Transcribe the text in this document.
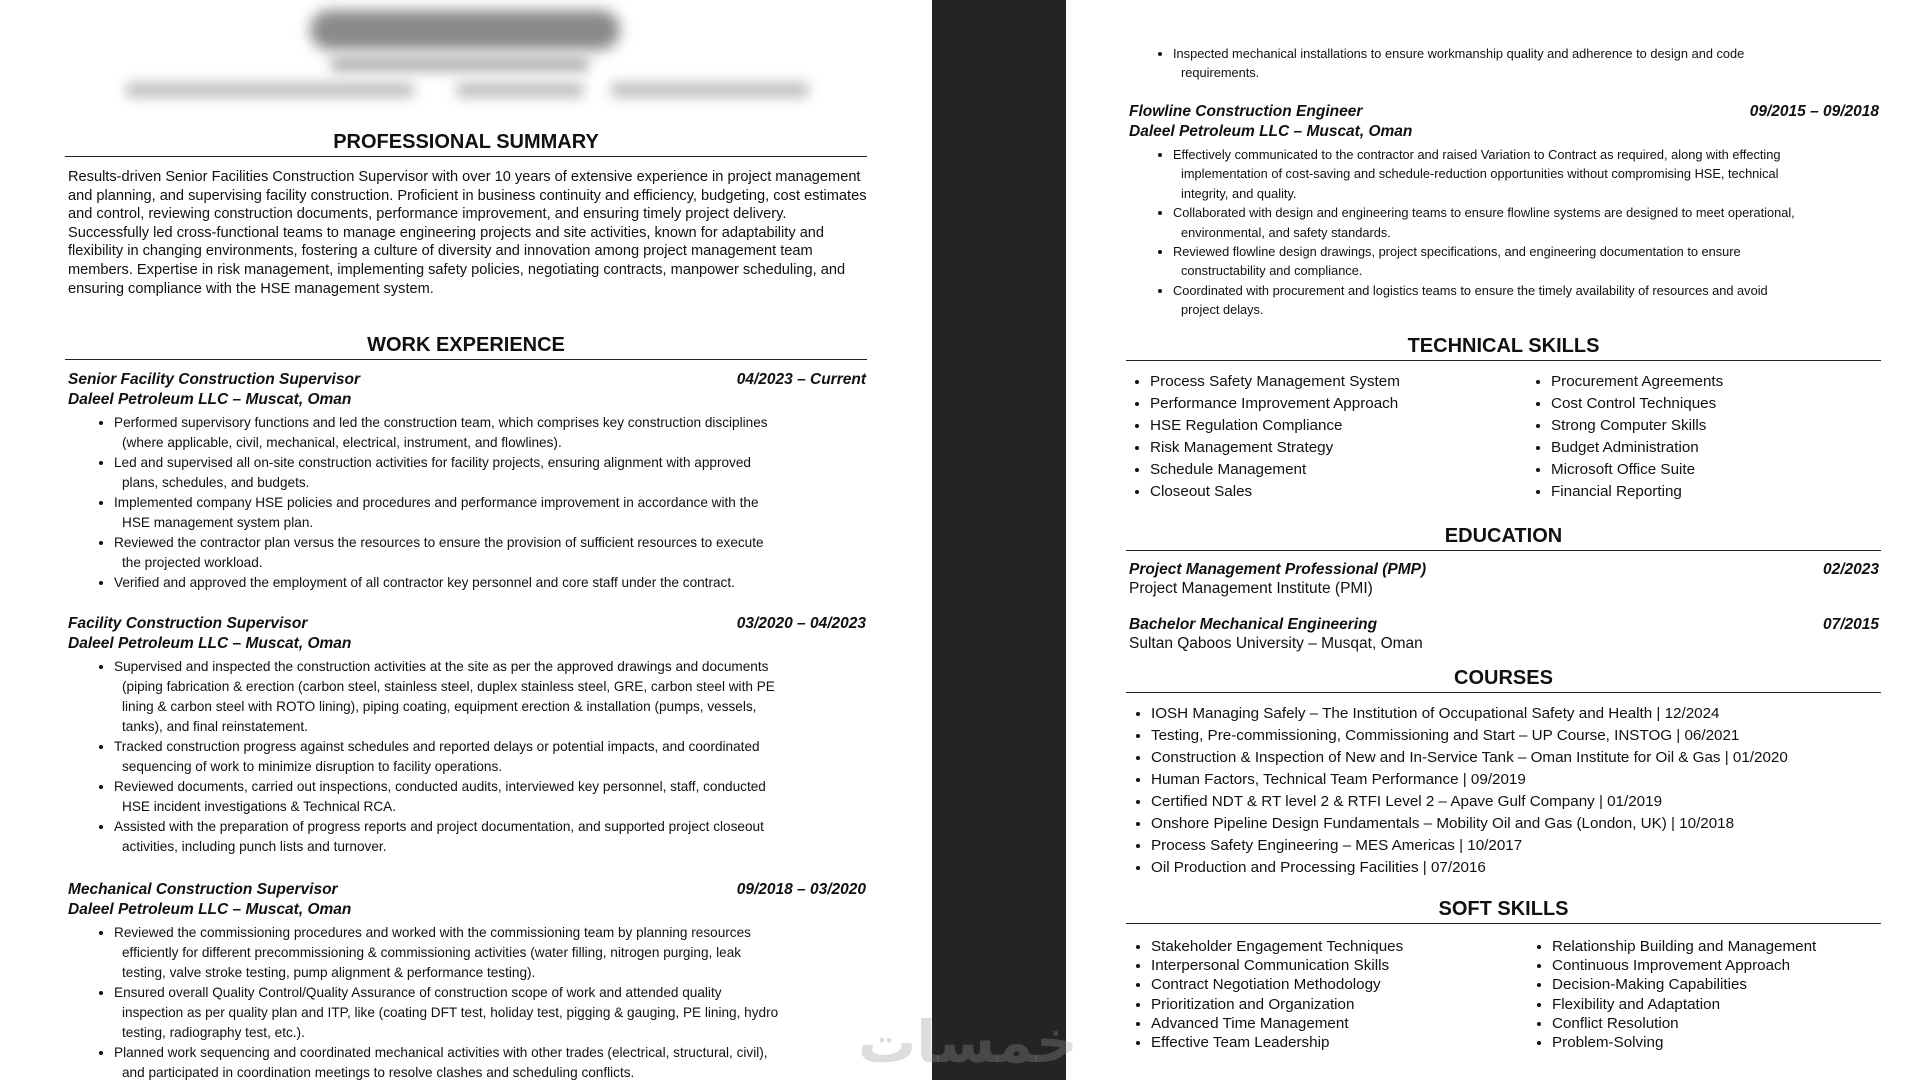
PROFESSIONAL SUMMARY
Results-driven Senior Facilities Construction Supervisor with over 10 years of extensive experience in project management and planning, and supervising facility construction. Proficient in business continuity and efficiency, budgeting, cost estimates and control, reviewing construction documents, performance improvement, and ensuring timely project delivery. Successfully led cross-functional teams to manage engineering projects and site activities, known for adaptability and flexibility in changing environments, fostering a culture of diversity and innovation among project management team members. Expertise in risk management, implementing safety policies, negotiating contracts, manpower scheduling, and ensuring compliance with the HSE management system.
WORK EXPERIENCE
Senior Facility Construction Supervisor	04/2023 – Current
Daleel Petroleum LLC – Muscat, Oman
• Performed supervisory functions and led the construction team, which comprises key construction disciplines
(where applicable, civil, mechanical, electrical, instrument, and flowlines).
• Led and supervised all on-site construction activities for facility projects, ensuring alignment with approved
plans, schedules, and budgets.
• Implemented company HSE policies and procedures and performance improvement in accordance with the
HSE management system plan.
• Reviewed the contractor plan versus the resources to ensure the provision of sufficient resources to execute
the projected workload.
• Verified and approved the employment of all contractor key personnel and core staff under the contract.
Facility Construction Supervisor	03/2020 – 04/2023
Daleel Petroleum LLC – Muscat, Oman
• Supervised and inspected the construction activities at the site as per the approved drawings and documents
(piping fabrication & erection (carbon steel, stainless steel, duplex stainless steel, GRE, carbon steel with PE
lining & carbon steel with ROTO lining), piping coating, equipment erection & installation (pumps, vessels,
tanks), and final reinstatement.
• Tracked construction progress against schedules and reported delays or potential impacts, and coordinated
sequencing of work to minimize disruption to facility operations.
• Reviewed documents, carried out inspections, conducted audits, interviewed key personnel, staff, conducted
HSE incident investigations & Technical RCA.
• Assisted with the preparation of progress reports and project documentation, and supported project closeout
activities, including punch lists and turnover.
Mechanical Construction Supervisor	09/2018 – 03/2020
Daleel Petroleum LLC – Muscat, Oman
• Reviewed the commissioning procedures and worked with the commissioning team by planning resources
efficiently for different precommissioning & commissioning activities (water filling, nitrogen purging, leak
testing, valve stroke testing, pump alignment & performance testing).
• Ensured overall Quality Control/Quality Assurance of construction scope of work and attended quality
inspection as per quality plan and ITP, like (coating DFT test, holiday test, pigging & gauging, PE lining, hydro
testing, radiography test, etc.).
• Planned work sequencing and coordinated mechanical activities with other trades (electrical, structural, civil),
and participated in coordination meetings to resolve clashes and scheduling conflicts.
• Inspected mechanical installations to ensure workmanship quality and adherence to design and code
requirements.
Flowline Construction Engineer	09/2015 – 09/2018
Daleel Petroleum LLC – Muscat, Oman
• Effectively communicated to the contractor and raised Variation to Contract as required, along with effecting
implementation of cost-saving and schedule-reduction opportunities without compromising HSE, technical
integrity, and quality.
• Collaborated with design and engineering teams to ensure flowline systems are designed to meet operational,
environmental, and safety standards.
• Reviewed flowline design drawings, project specifications, and engineering documentation to ensure
constructability and compliance.
• Coordinated with procurement and logistics teams to ensure the timely availability of resources and avoid
project delays.
TECHNICAL SKILLS
• Process Safety Management System
• Performance Improvement Approach
• HSE Regulation Compliance
• Risk Management Strategy
• Schedule Management
• Closeout Sales
• Procurement Agreements
• Cost Control Techniques
• Strong Computer Skills
• Budget Administration
• Microsoft Office Suite
• Financial Reporting
EDUCATION
Project Management Professional (PMP)	02/2023
Project Management Institute (PMI)
Bachelor Mechanical Engineering	07/2015
Sultan Qaboos University – Musqat, Oman
COURSES
• IOSH Managing Safely – The Institution of Occupational Safety and Health | 12/2024
• Testing, Pre-commissioning, Commissioning and Start – UP Course, INSTOG | 06/2021
• Construction & Inspection of New and In-Service Tank – Oman Institute for Oil & Gas | 01/2020
• Human Factors, Technical Team Performance | 09/2019
• Certified NDT & RT level 2 & RTFI Level 2 – Apave Gulf Company | 01/2019
• Onshore Pipeline Design Fundamentals – Mobility Oil and Gas (London, UK) | 10/2018
• Process Safety Engineering – MES Americas | 10/2017
• Oil Production and Processing Facilities | 07/2016
SOFT SKILLS
• Stakeholder Engagement Techniques
• Interpersonal Communication Skills
• Contract Negotiation Methodology
• Prioritization and Organization
• Advanced Time Management
• Effective Team Leadership
• Relationship Building and Management
• Continuous Improvement Approach
• Decision-Making Capabilities
• Flexibility and Adaptation
• Conflict Resolution
• Problem-Solving
خمسات
